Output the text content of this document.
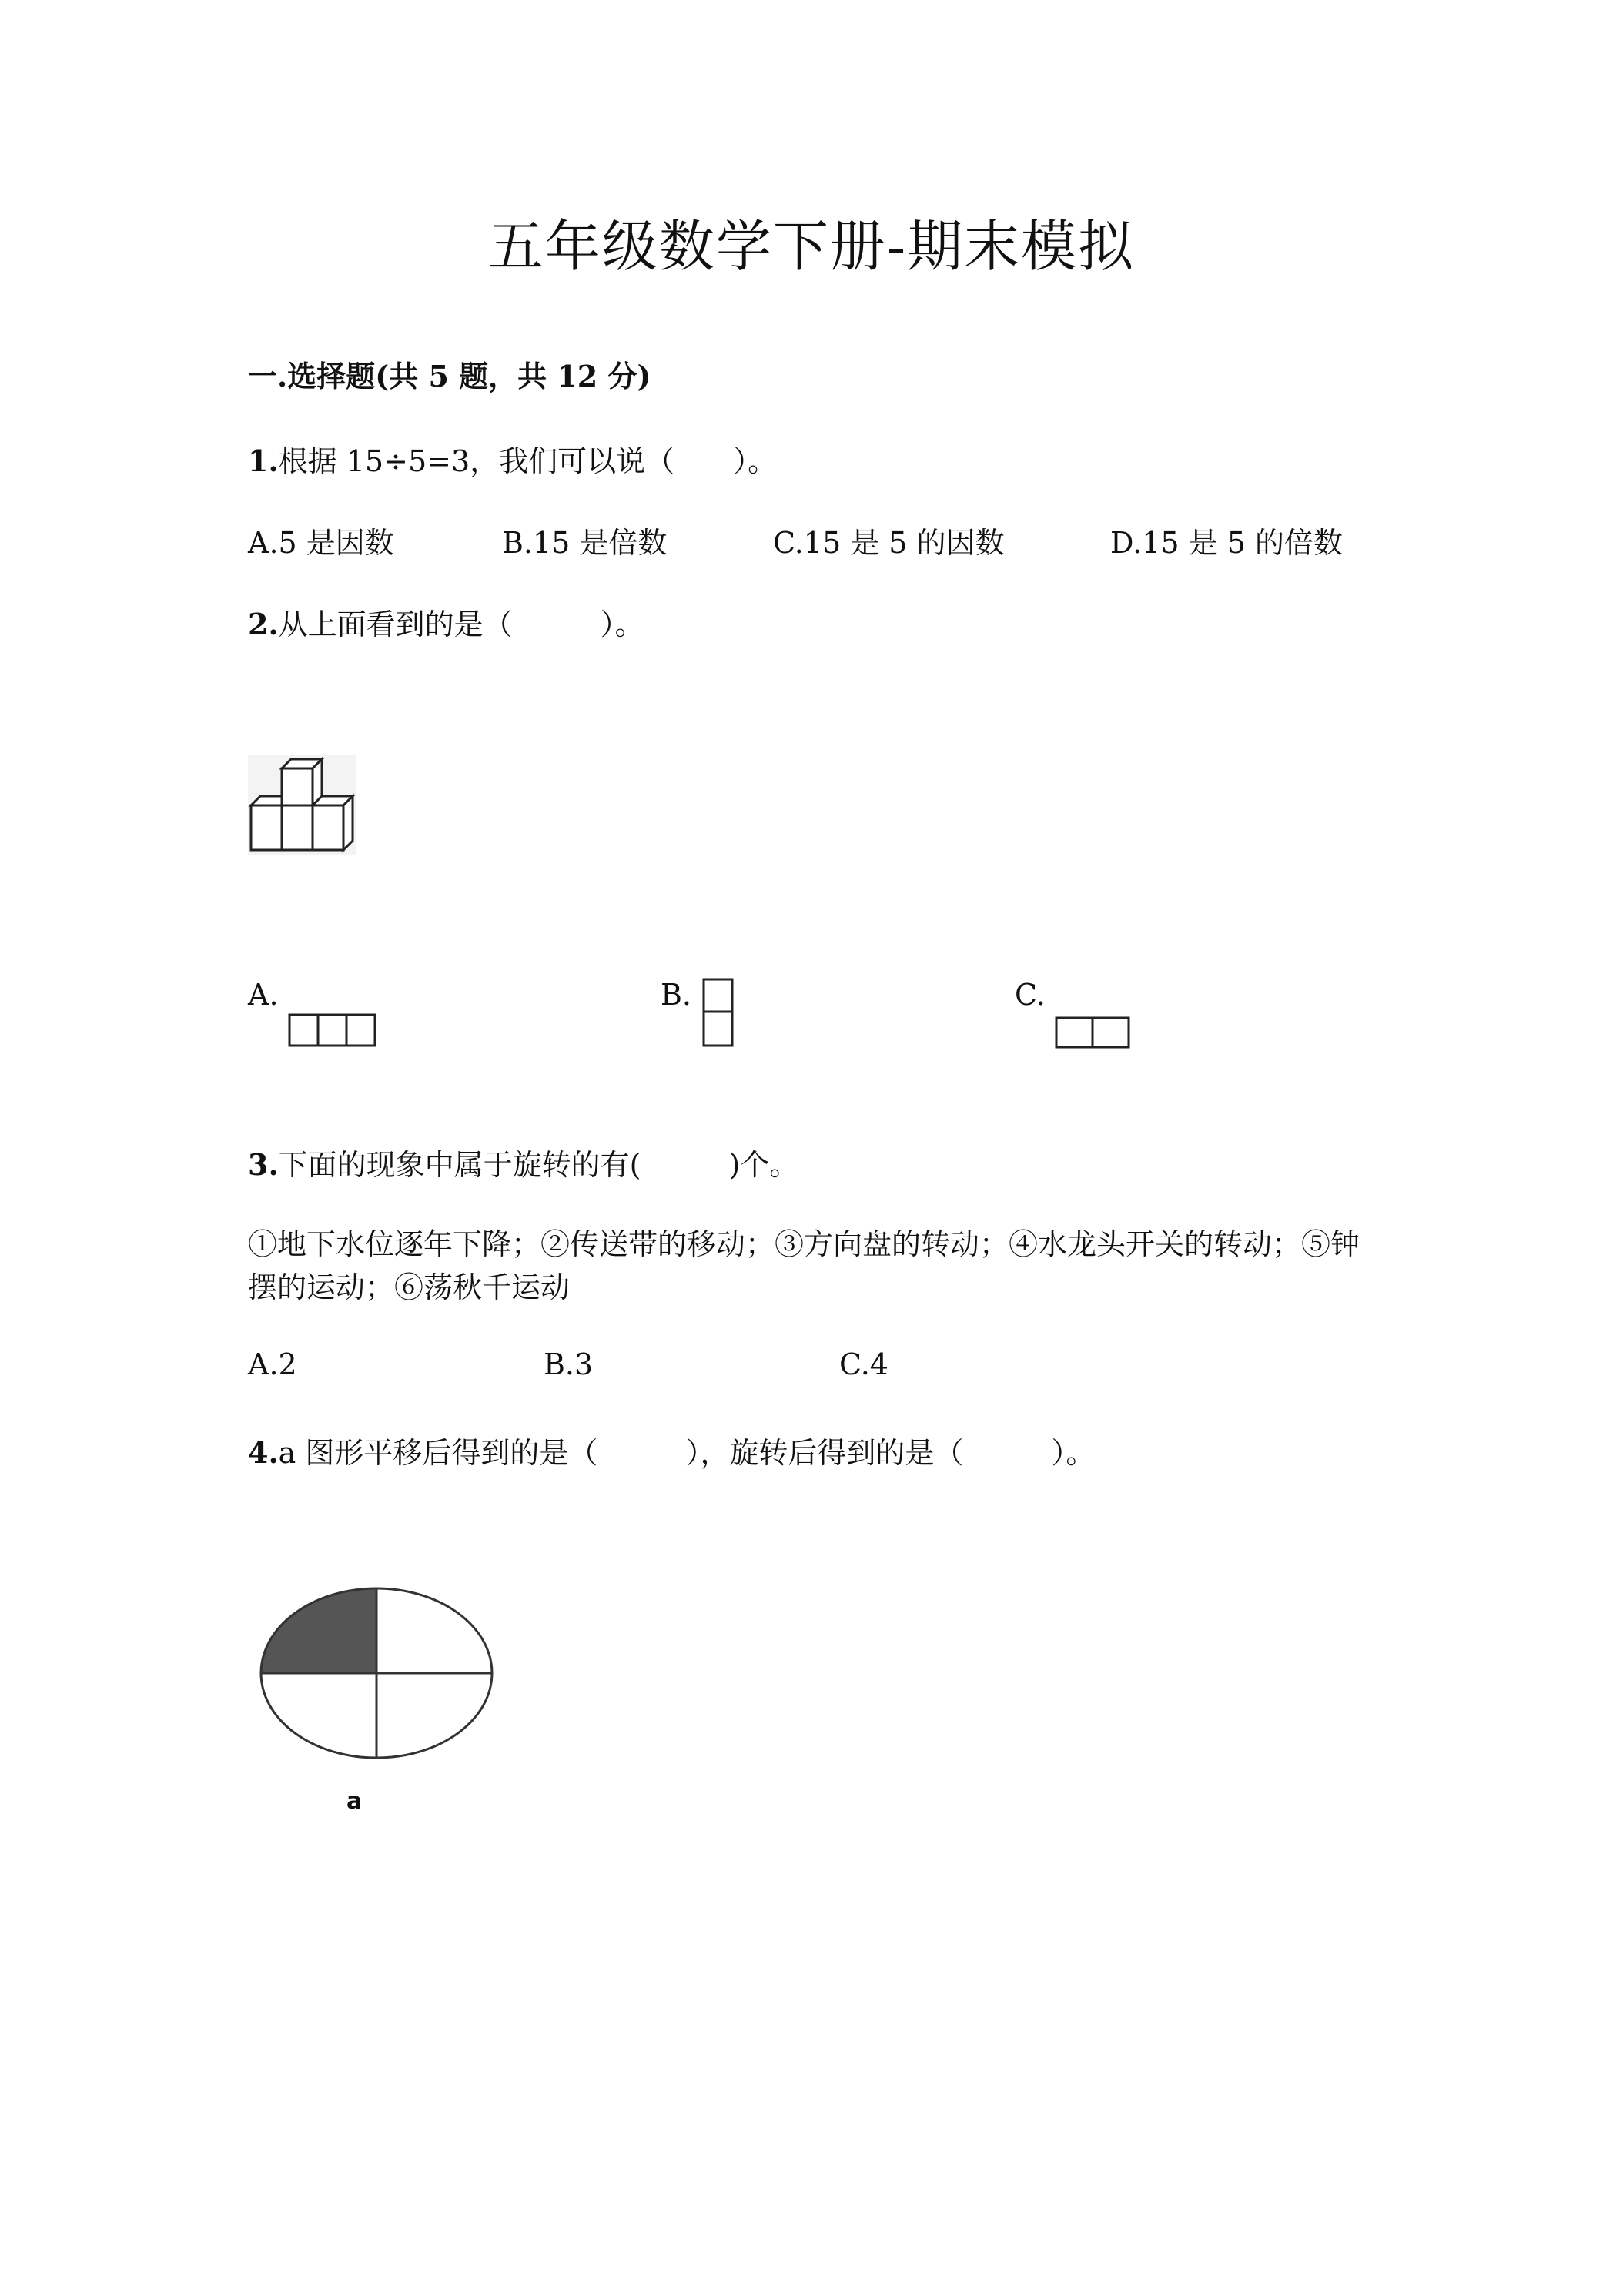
五年级数学下册-期末模拟
一.选择题(共 5 题，共 12 分)
1.根据 15÷5=3，我们可以说（　　）。
A.5 是因数	B.15 是倍数	C.15 是 5 的因数	D.15 是 5 的倍数
2.从上面看到的是（　　　）。
A.	B.	C.
3.下面的现象中属于旋转的有(　　　)个。
①地下水位逐年下降；②传送带的移动；③方向盘的转动；④水龙头开关的转动；⑤钟摆的运动；⑥荡秋千运动
A.2	B.3	C.4
4.a 图形平移后得到的是（　　　），旋转后得到的是（　　　）。
a
